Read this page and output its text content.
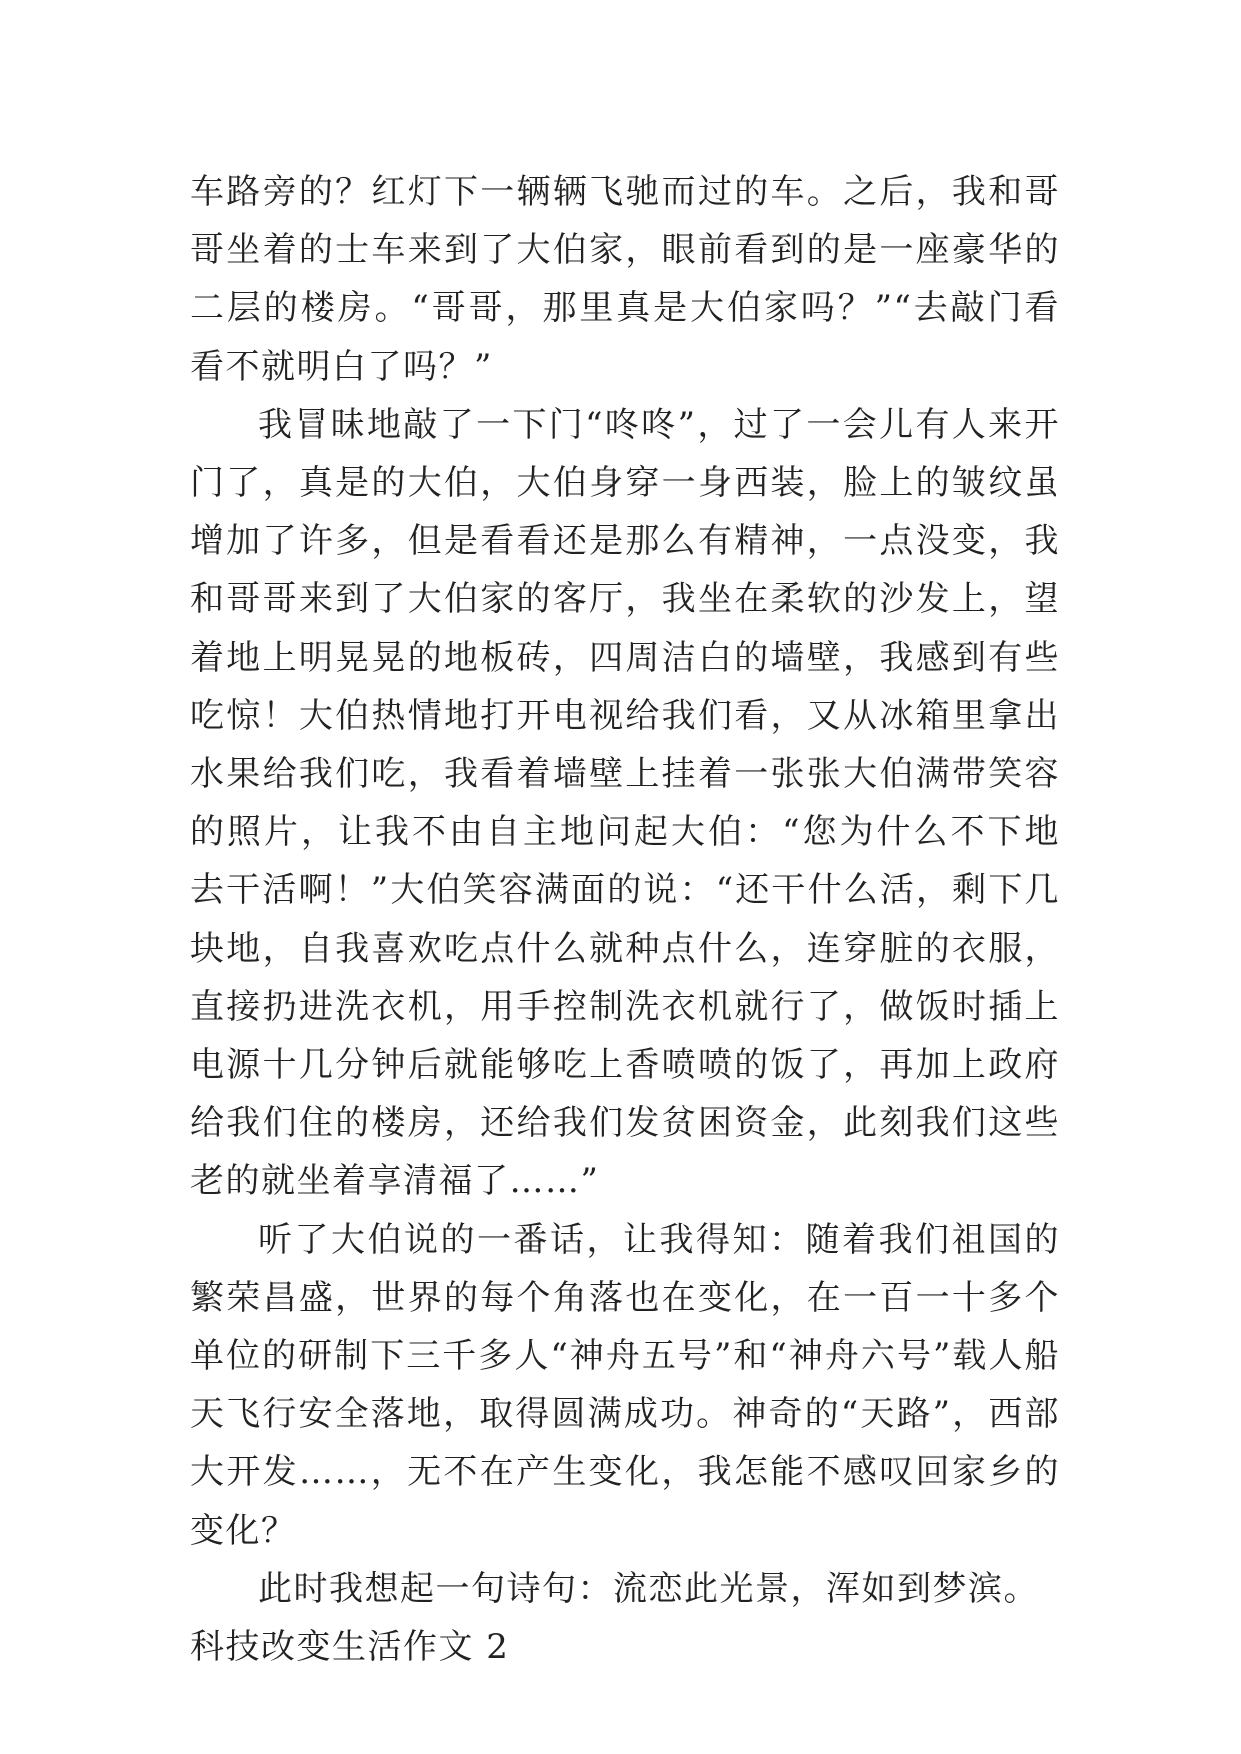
车路旁的？红灯下一辆辆飞驰而过的车。之后，我和哥哥坐着的士车来到了大伯家，眼前看到的是一座豪华的二层的楼房。“哥哥，那里真是大伯家吗？”“去敲门看看不就明白了吗？”

我冒昧地敲了一下门“咚咚”，过了一会儿有人来开门了，真是的大伯，大伯身穿一身西装，脸上的皱纹虽增加了许多，但是看看还是那么有精神，一点没变，我和哥哥来到了大伯家的客厅，我坐在柔软的沙发上，望着地上明晃晃的地板砖，四周洁白的墙壁，我感到有些吃惊！大伯热情地打开电视给我们看，又从冰箱里拿出水果给我们吃，我看着墙壁上挂着一张张大伯满带笑容的照片，让我不由自主地问起大伯：“您为什么不下地去干活啊！”大伯笑容满面的说：“还干什么活，剩下几块地，自我喜欢吃点什么就种点什么，连穿脏的衣服，直接扔进洗衣机，用手控制洗衣机就行了，做饭时插上电源十几分钟后就能够吃上香喷喷的饭了，再加上政府给我们住的楼房，还给我们发贫困资金，此刻我们这些老的就坐着享清福了……”

听了大伯说的一番话，让我得知：随着我们祖国的繁荣昌盛，世界的每个角落也在变化，在一百一十多个单位的研制下三千多人“神舟五号”和“神舟六号”载人船天飞行安全落地，取得圆满成功。神奇的“天路”，西部大开发……，无不在产生变化，我怎能不感叹回家乡的变化？

此时我想起一句诗句：流恋此光景，浑如到梦滨。

科技改变生活作文 2
